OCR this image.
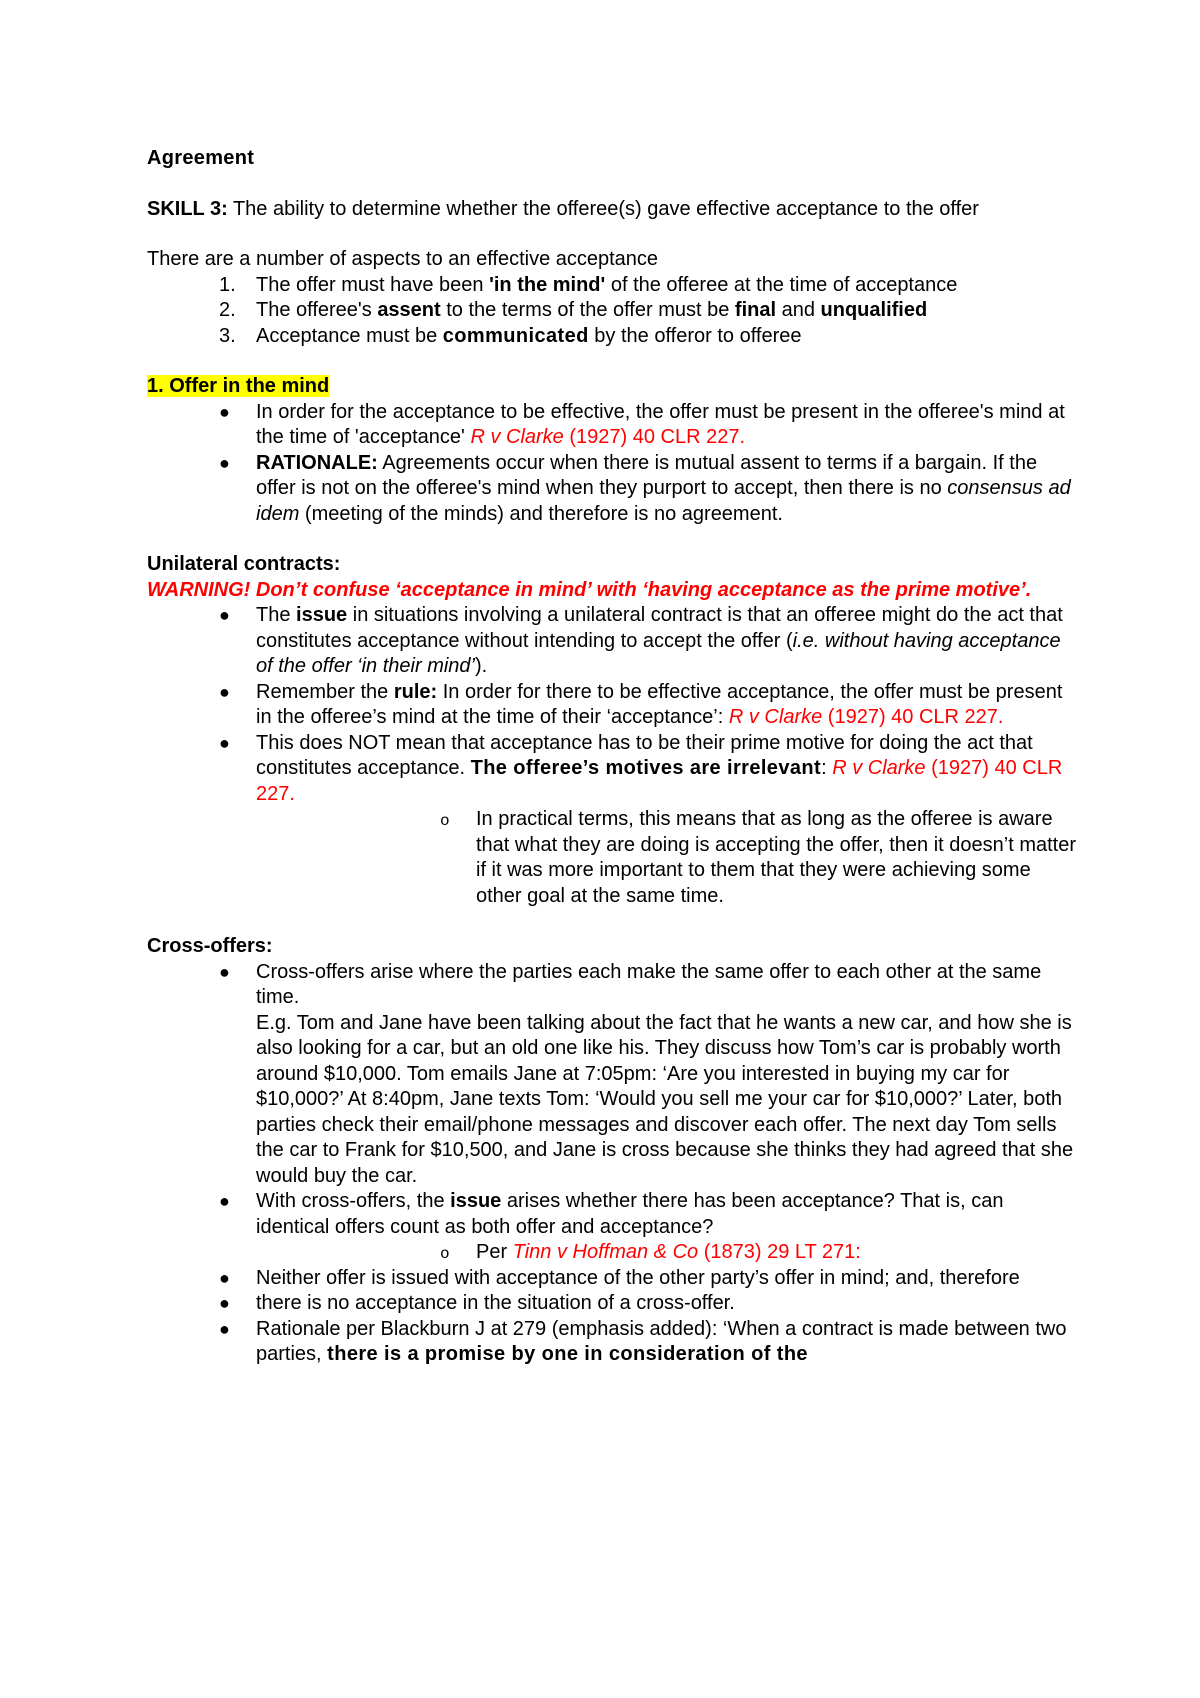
Agreement

SKILL 3: The ability to determine whether the offeree(s) gave effective acceptance to the offer

There are a number of aspects to an effective acceptance

1. The offer must have been 'in the mind' of the offeree at the time of acceptance
2. The offeree's assent to the terms of the offer must be final and unqualified
3. Acceptance must be communicated by the offeror to offeree

1. Offer in the mind

● In order for the acceptance to be effective, the offer must be present in the offeree's mind at the time of 'acceptance' R v Clarke (1927) 40 CLR 227.
● RATIONALE: Agreements occur when there is mutual assent to terms if a bargain. If the offer is not on the offeree's mind when they purport to accept, then there is no consensus ad idem (meeting of the minds) and therefore is no agreement.

Unilateral contracts:

WARNING! Don’t confuse ‘acceptance in mind’ with ‘having acceptance as the prime motive’.

● The issue in situations involving a unilateral contract is that an offeree might do the act that constitutes acceptance without intending to accept the offer (i.e. without having acceptance of the offer ‘in their mind’).
● Remember the rule: In order for there to be effective acceptance, the offer must be present in the offeree’s mind at the time of their ‘acceptance’: R v Clarke (1927) 40 CLR 227.
● This does NOT mean that acceptance has to be their prime motive for doing the act that constitutes acceptance. The offeree’s motives are irrelevant: R v Clarke (1927) 40 CLR 227.
o In practical terms, this means that as long as the offeree is aware that what they are doing is accepting the offer, then it doesn’t matter if it was more important to them that they were achieving some other goal at the same time.

Cross-offers:

● Cross-offers arise where the parties each make the same offer to each other at the same time.
E.g. Tom and Jane have been talking about the fact that he wants a new car, and how she is also looking for a car, but an old one like his. They discuss how Tom’s car is probably worth around $10,000. Tom emails Jane at 7:05pm: ‘Are you interested in buying my car for $10,000?’ At 8:40pm, Jane texts Tom: ‘Would you sell me your car for $10,000?’ Later, both parties check their email/phone messages and discover each offer. The next day Tom sells the car to Frank for $10,500, and Jane is cross because she thinks they had agreed that she would buy the car.
● With cross-offers, the issue arises whether there has been acceptance? That is, can identical offers count as both offer and acceptance?
o Per Tinn v Hoffman & Co (1873) 29 LT 271:
● Neither offer is issued with acceptance of the other party’s offer in mind; and, therefore
● there is no acceptance in the situation of a cross-offer.
● Rationale per Blackburn J at 279 (emphasis added): ‘When a contract is made between two parties, there is a promise by one in consideration of the
